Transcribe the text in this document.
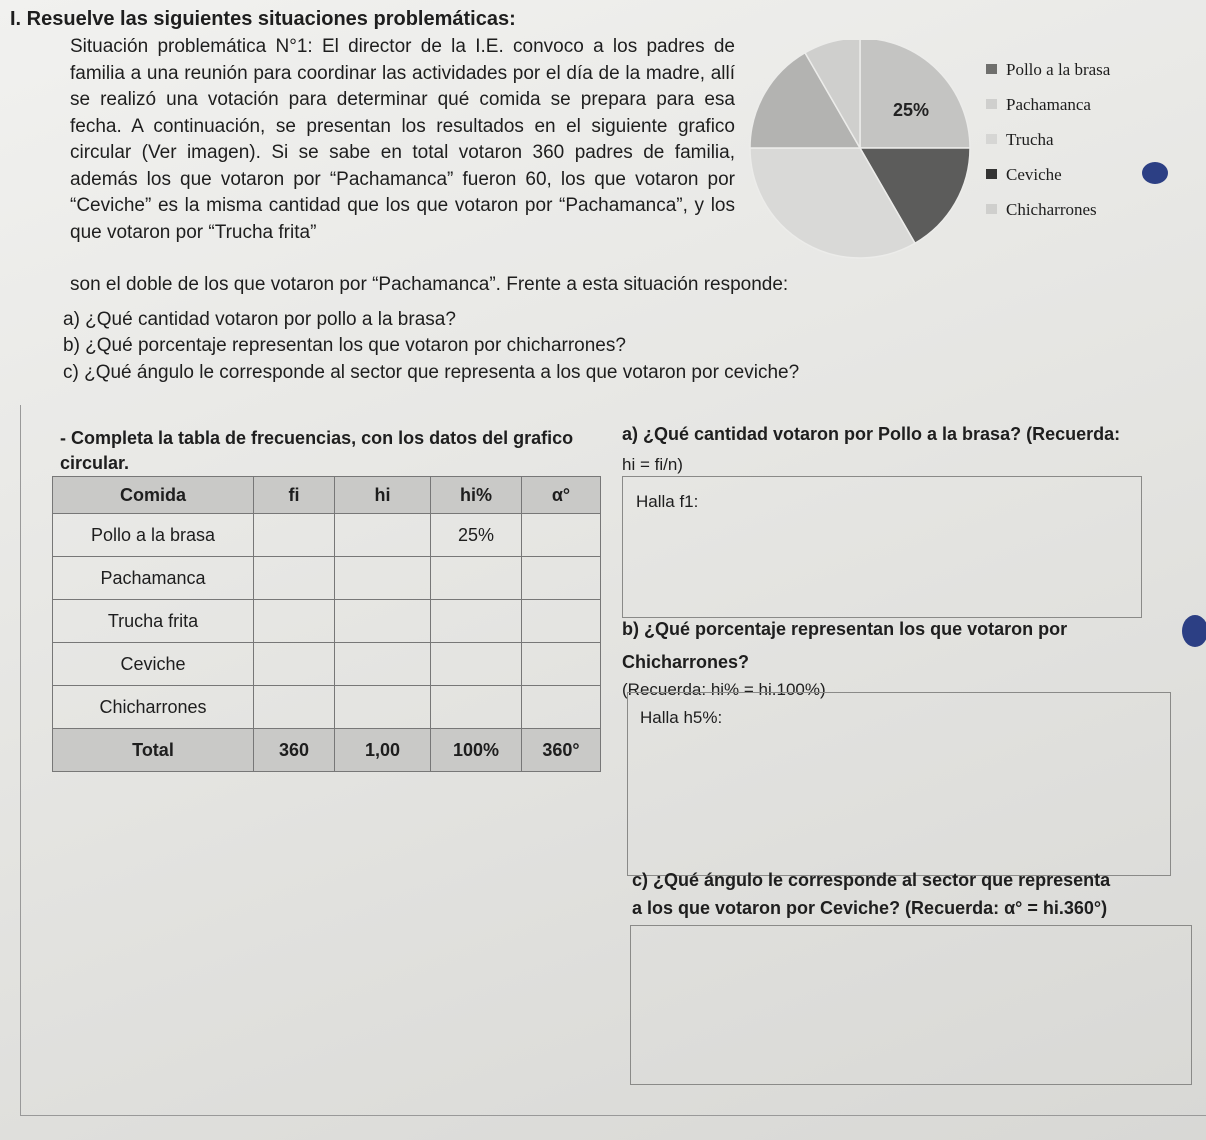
I. Resuelve las siguientes situaciones problemáticas:
Situación problemática N°1: El director de la I.E. convoco a los padres de familia a una reunión para coordinar las actividades por el día de la madre, allí se realizó una votación para determinar qué comida se prepara para esa fecha. A continuación, se presentan los resultados en el siguiente grafico circular (Ver imagen). Si se sabe en total votaron 360 padres de familia, además los que votaron por “Pachamanca” fueron 60, los que votaron por “Ceviche” es la misma cantidad que los que votaron por “Pachamanca”, y los que votaron por “Trucha frita”
son el doble de los que votaron por “Pachamanca”. Frente a esta situación responde:
a) ¿Qué cantidad votaron por pollo a la brasa?
b) ¿Qué porcentaje representan los que votaron por chicharrones?
c) ¿Qué ángulo le corresponde al sector que representa a los que votaron por ceviche?
25%
Pollo a la brasa
Pachamanca
Trucha
Ceviche
Chicharrones
- Completa la tabla de frecuencias, con los datos del grafico circular.
Comida	fi	hi	hi%	α°
Pollo a la brasa			25%	
Pachamanca				
Trucha frita				
Ceviche				
Chicharrones				
Total	360	1,00	100%	360°
a) ¿Qué cantidad votaron por Pollo a la brasa? (Recuerda:
hi = fi/n)
Halla f1:
b) ¿Qué porcentaje representan los que votaron por
Chicharrones?
(Recuerda: hi% = hi.100%)
Halla h5%:
c) ¿Qué ángulo le corresponde al sector que representa
a los que votaron por Ceviche? (Recuerda: α° = hi.360°)
